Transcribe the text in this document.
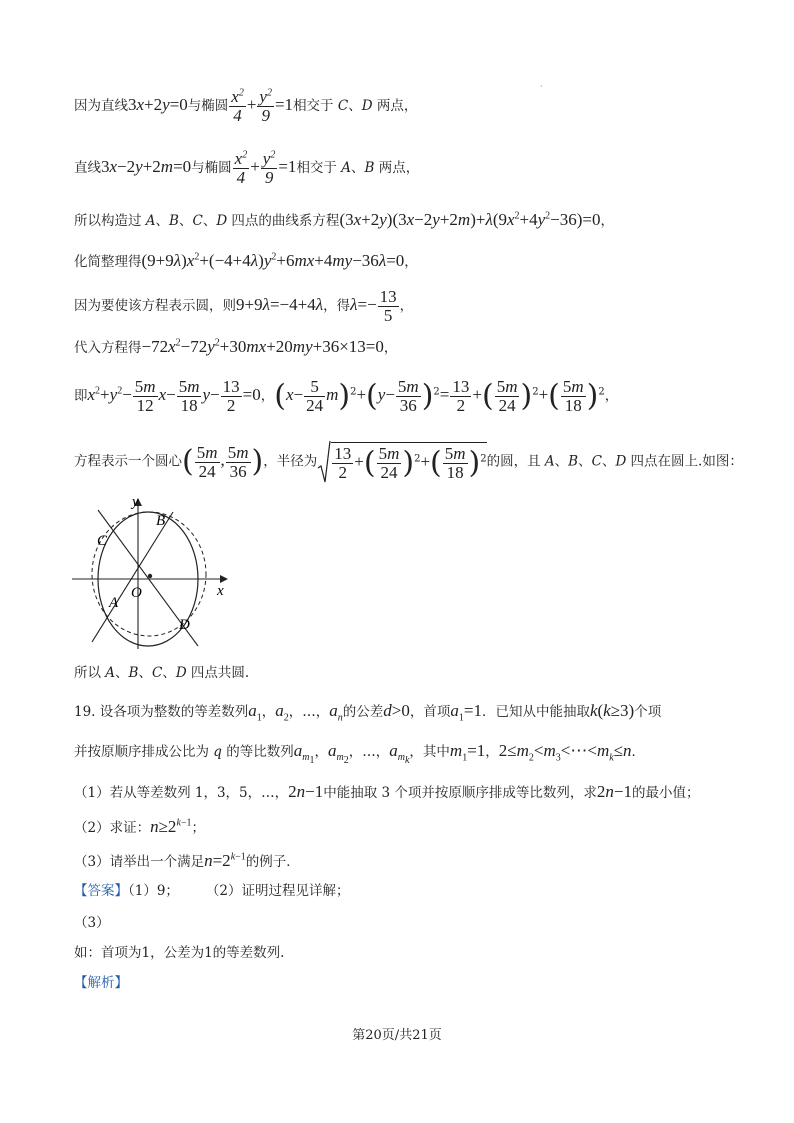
·
因为直线3x+2y=0与椭圆 $\frac{x^2}{4} + \frac{y^2}{9} =1$相交于 C、D 两点，
直线3x−2y+2m=0与椭圆 $\frac{x^2}{4} + \frac{y^2}{9} =1$相交于 A、B 两点，
所以构造过 A、B、C、D 四点的曲线系方程$(3x+2y)(3x-2y+2m)+\lambda(9x^2+4y^2-36)=0$，
化简整理得$(9+9\lambda)x^2+(-4+4\lambda)y^2+6mx+4my-36\lambda=0$，
因为要使该方程表示圆，则9+9λ=−4+4λ，得$\lambda=- \frac{13}{5}$ ，
代入方程得$-72x^2-72y^2+30mx+20my+36\times 13=0$，
即$x^2+y^2- \frac{5m}{12} x- \frac{5m}{18} y- \frac{13}{2} =0$，$(x- \frac{5}{24} m)^2+(y- \frac{5m}{36} )^2= \frac{13}{2}$ +( $\frac{5m}{24} )^2+( \frac{5m}{18} )^2$，
方程表示一个圆心( $\frac{5m}{24}$ , $\frac{5m}{36}$ )，半径为 $\frac{13}{2}$ +( $\frac{5m}{24} )^2+( \frac{5m}{18} )^2$的圆，且 A、B、C、D 四点在圆上.如图：
y
B
C
O
A
D
x
所以 A、B、C、D 四点共圆.
19. 设各项为整数的等差数列$a_1$，$a_2$，…，$a_n$的公差d>0，首项$a_1=1$．已知从中能抽取k(k≥3)个项
并按原顺序排成公比为 q 的等比数列$a_{m_1}$，$a_{m_2}$，…，$a_{m_k}$，其中$m_1=1$，$2\le m_2<m_3<\cdots<m_k\le n$．
（1）若从等差数列 1，3，5，…，2n−1中能抽取 3 个项并按原顺序排成等比数列，求2n−1的最小值；
（2）求证：$n\ge 2^{k-1}$；
（3）请举出一个满足$n=2^{k-1}$的例子．
【答案】（1）9；　　　（2）证明过程见详解；
（3）
如：首项为1，公差为1的等差数列.
【解析】
第20页/共21页
